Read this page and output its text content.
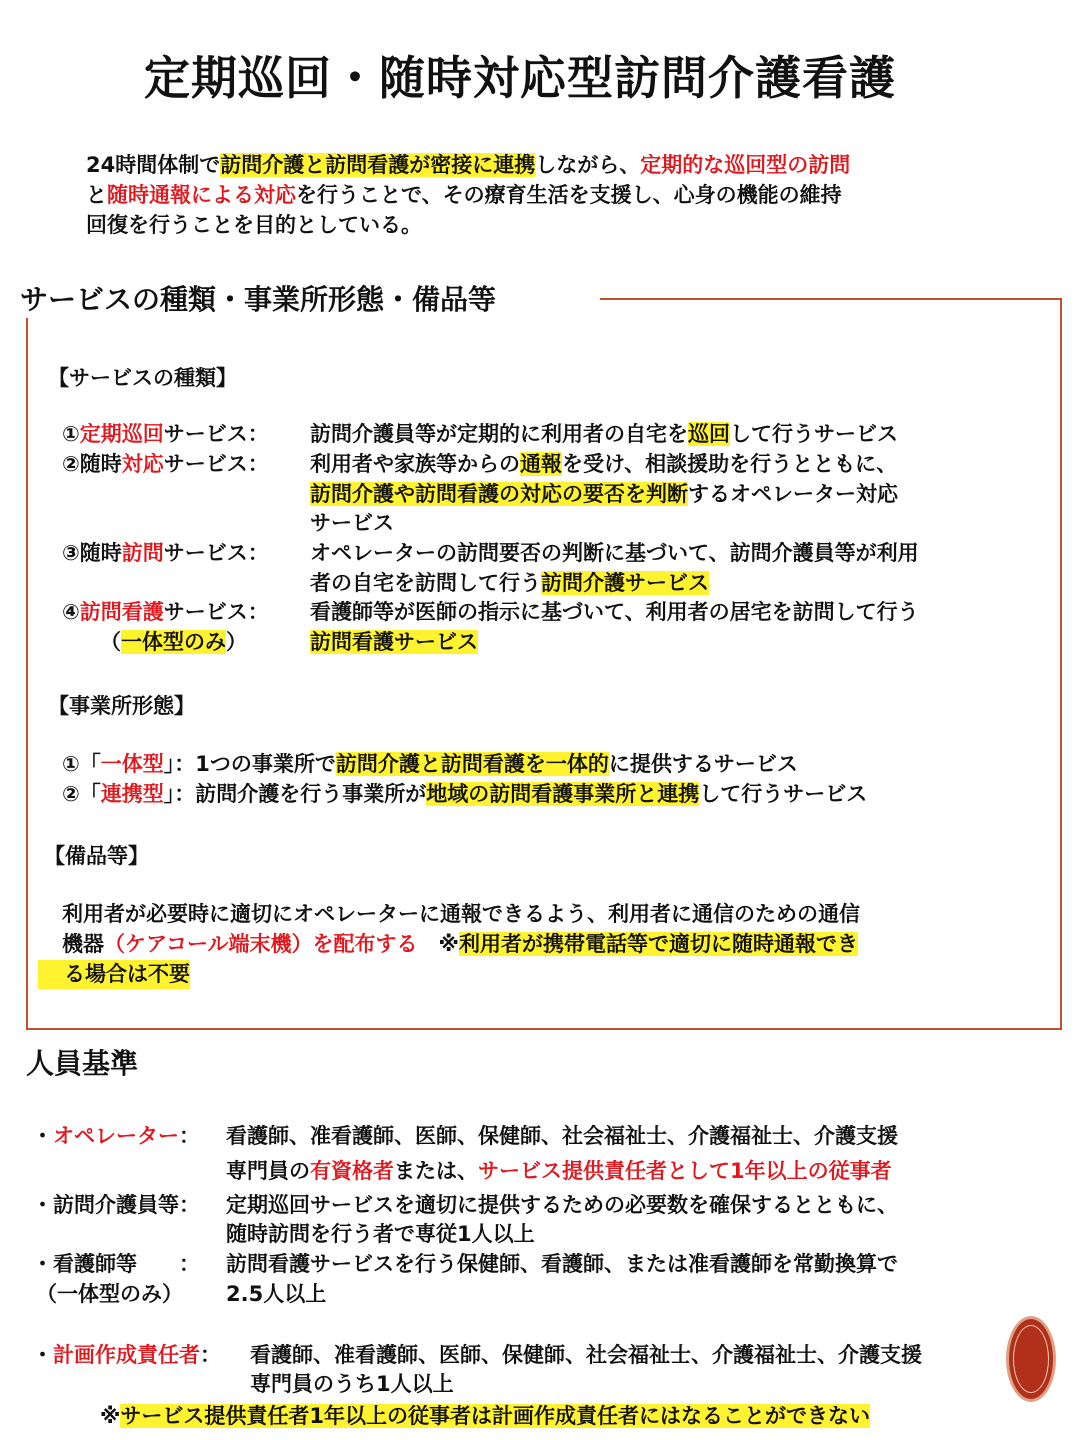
定期巡回・随時対応型訪問介護看護
24時間体制で訪問介護と訪問看護が密接に連携しながら、定期的な巡回型の訪問
と随時通報による対応を行うことで、その療育生活を支援し、心身の機能の維持
回復を行うことを目的としている。
サービスの種類・事業所形態・備品等
【サービスの種類】
①定期巡回サービス： 訪問介護員等が定期的に利用者の自宅を巡回して行うサービス
②随時対応サービス： 利用者や家族等からの通報を受け、相談援助を行うとともに、
訪問介護や訪問看護の対応の要否を判断するオペレーター対応
サービス
③随時訪問サービス： オペレーターの訪問要否の判断に基づいて、訪問介護員等が利用
者の自宅を訪問して行う訪問介護サービス
④訪問看護サービス：
（一体型のみ）
看護師等が医師の指示に基づいて、利用者の居宅を訪問して行う
訪問看護サービス
【事業所形態】
①「一体型」：1つの事業所で訪問介護と訪問看護を一体的に提供するサービス
②「連携型」：訪問介護を行う事業所が地域の訪問看護事業所と連携して行うサービス
【備品等】
利用者が必要時に適切にオペレーターに通報できるよう、利用者に通信のための通信
機器（ケアコール端末機）を配布する　※利用者が携帯電話等で適切に随時通報でき
る場合は不要
人員基準
・オペレーター： 看護師、准看護師、医師、保健師、社会福祉士、介護福祉士、介護支援
専門員の有資格者または、サービス提供責任者として1年以上の従事者
・訪問介護員等： 定期巡回サービスを適切に提供するための必要数を確保するとともに、
随時訪問を行う者で専従1人以上
・看護師等　　：
（一体型のみ）
訪問看護サービスを行う保健師、看護師、または准看護師を常勤換算で
2.5人以上
・計画作成責任者： 看護師、准看護師、医師、保健師、社会福祉士、介護福祉士、介護支援
専門員のうち1人以上
※サービス提供責任者1年以上の従事者は計画作成責任者にはなることができない
